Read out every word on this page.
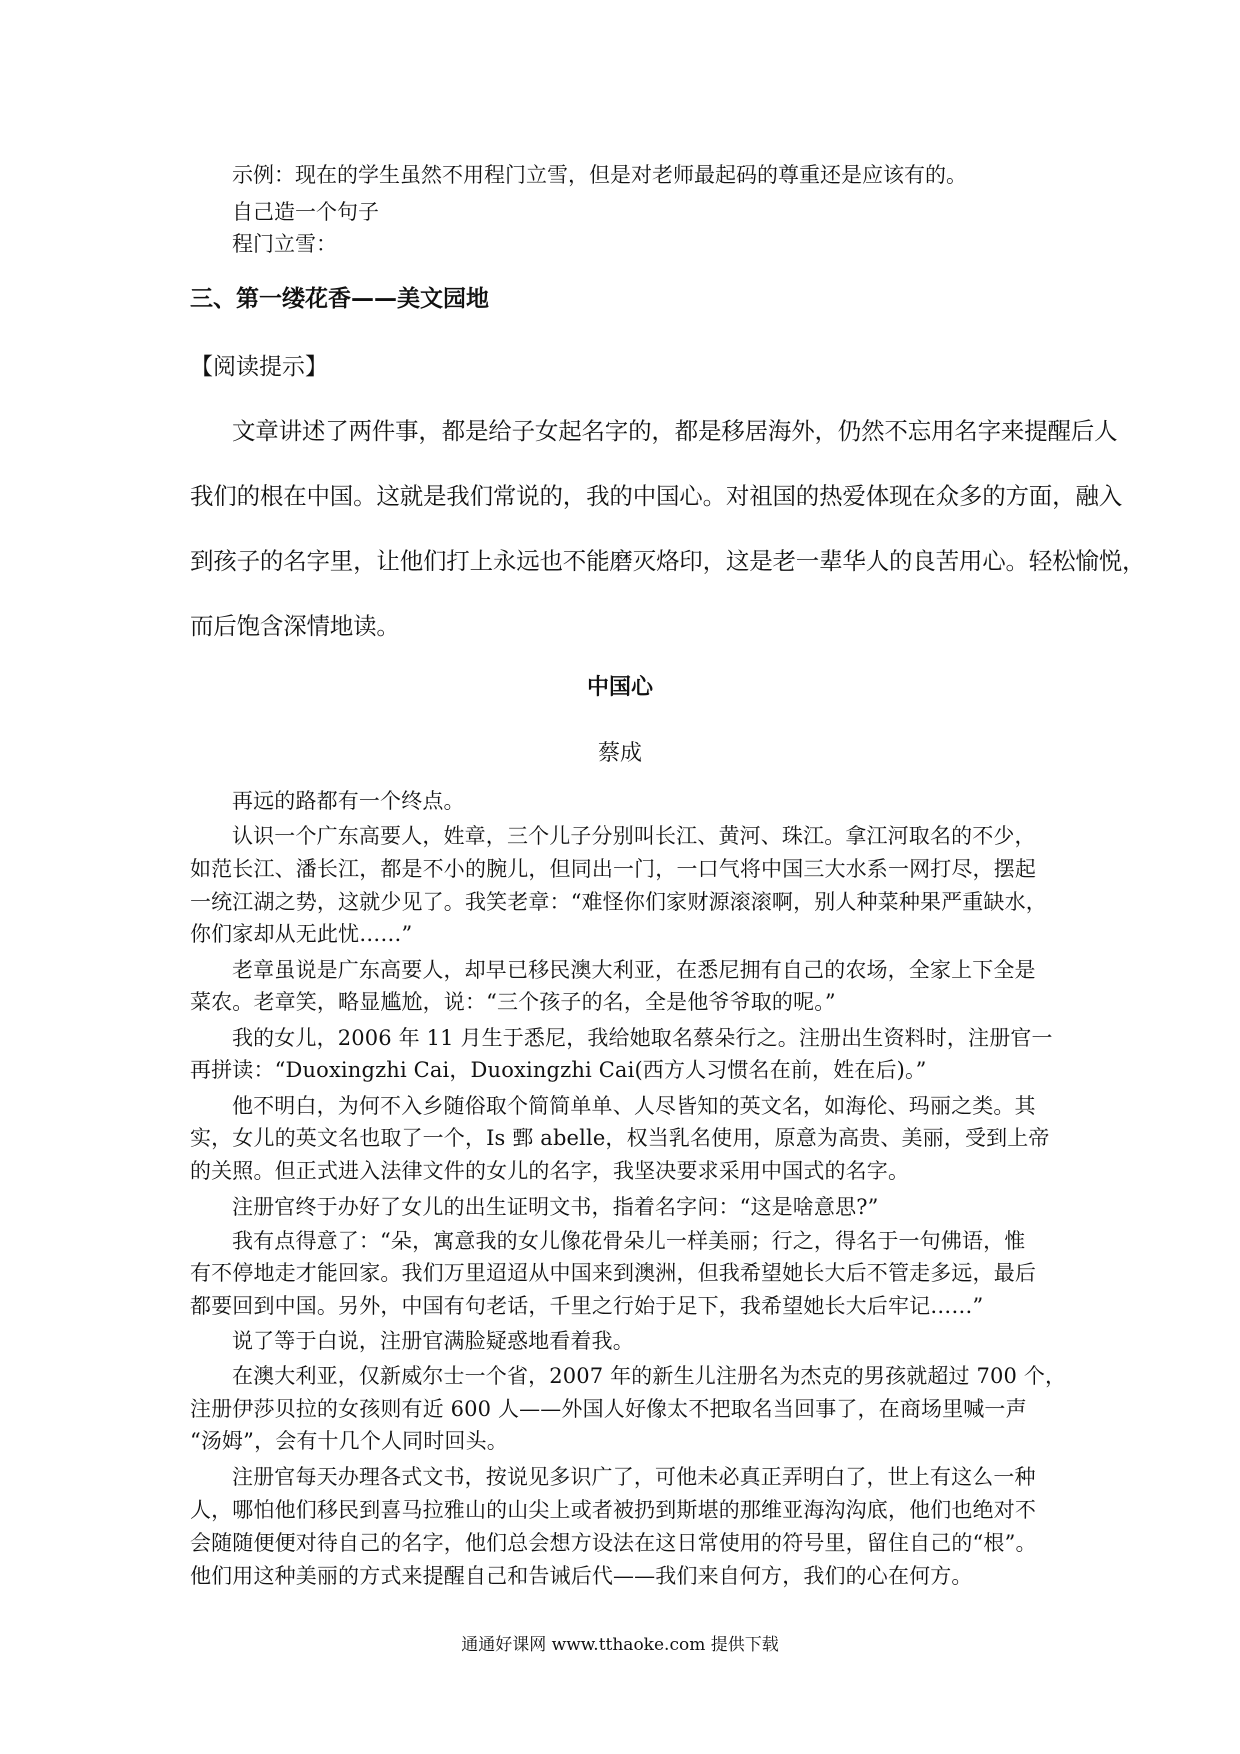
示例：现在的学生虽然不用程门立雪，但是对老师最起码的尊重还是应该有的。
自己造一个句子
程门立雪：
三、第一缕花香——美文园地
【阅读提示】
文章讲述了两件事，都是给子女起名字的，都是移居海外，仍然不忘用名字来提醒后人
我们的根在中国。这就是我们常说的，我的中国心。对祖国的热爱体现在众多的方面，融入
到孩子的名字里，让他们打上永远也不能磨灭烙印，这是老一辈华人的良苦用心。轻松愉悦，
而后饱含深情地读。
中国心
蔡成
再远的路都有一个终点。
认识一个广东高要人，姓章，三个儿子分别叫长江、黄河、珠江。拿江河取名的不少，
如范长江、潘长江，都是不小的腕儿，但同出一门，一口气将中国三大水系一网打尽，摆起
一统江湖之势，这就少见了。我笑老章：“难怪你们家财源滚滚啊，别人种菜种果严重缺水，
你们家却从无此忧……”
老章虽说是广东高要人，却早已移民澳大利亚，在悉尼拥有自己的农场，全家上下全是
菜农。老章笑，略显尴尬，说：“三个孩子的名，全是他爷爷取的呢。”
我的女儿，2006 年 11 月生于悉尼，我给她取名蔡朵行之。注册出生资料时，注册官一
再拼读：“Duoxingzhi Cai，Duoxingzhi Cai(西方人习惯名在前，姓在后)。”
他不明白，为何不入乡随俗取个简简单单、人尽皆知的英文名，如海伦、玛丽之类。其
实，女儿的英文名也取了一个，Is 鄄 abelle，权当乳名使用，原意为高贵、美丽，受到上帝
的关照。但正式进入法律文件的女儿的名字，我坚决要求采用中国式的名字。
注册官终于办好了女儿的出生证明文书，指着名字问：“这是啥意思?”
我有点得意了：“朵，寓意我的女儿像花骨朵儿一样美丽；行之，得名于一句佛语，惟
有不停地走才能回家。我们万里迢迢从中国来到澳洲，但我希望她长大后不管走多远，最后
都要回到中国。另外，中国有句老话，千里之行始于足下，我希望她长大后牢记……”
说了等于白说，注册官满脸疑惑地看着我。
在澳大利亚，仅新威尔士一个省，2007 年的新生儿注册名为杰克的男孩就超过 700 个，
注册伊莎贝拉的女孩则有近 600 人——外国人好像太不把取名当回事了，在商场里喊一声
“汤姆”，会有十几个人同时回头。
注册官每天办理各式文书，按说见多识广了，可他未必真正弄明白了，世上有这么一种
人，哪怕他们移民到喜马拉雅山的山尖上或者被扔到斯堪的那维亚海沟沟底，他们也绝对不
会随随便便对待自己的名字，他们总会想方设法在这日常使用的符号里，留住自己的“根”。
他们用这种美丽的方式来提醒自己和告诫后代——我们来自何方，我们的心在何方。
通通好课网 www.tthaoke.com 提供下载
